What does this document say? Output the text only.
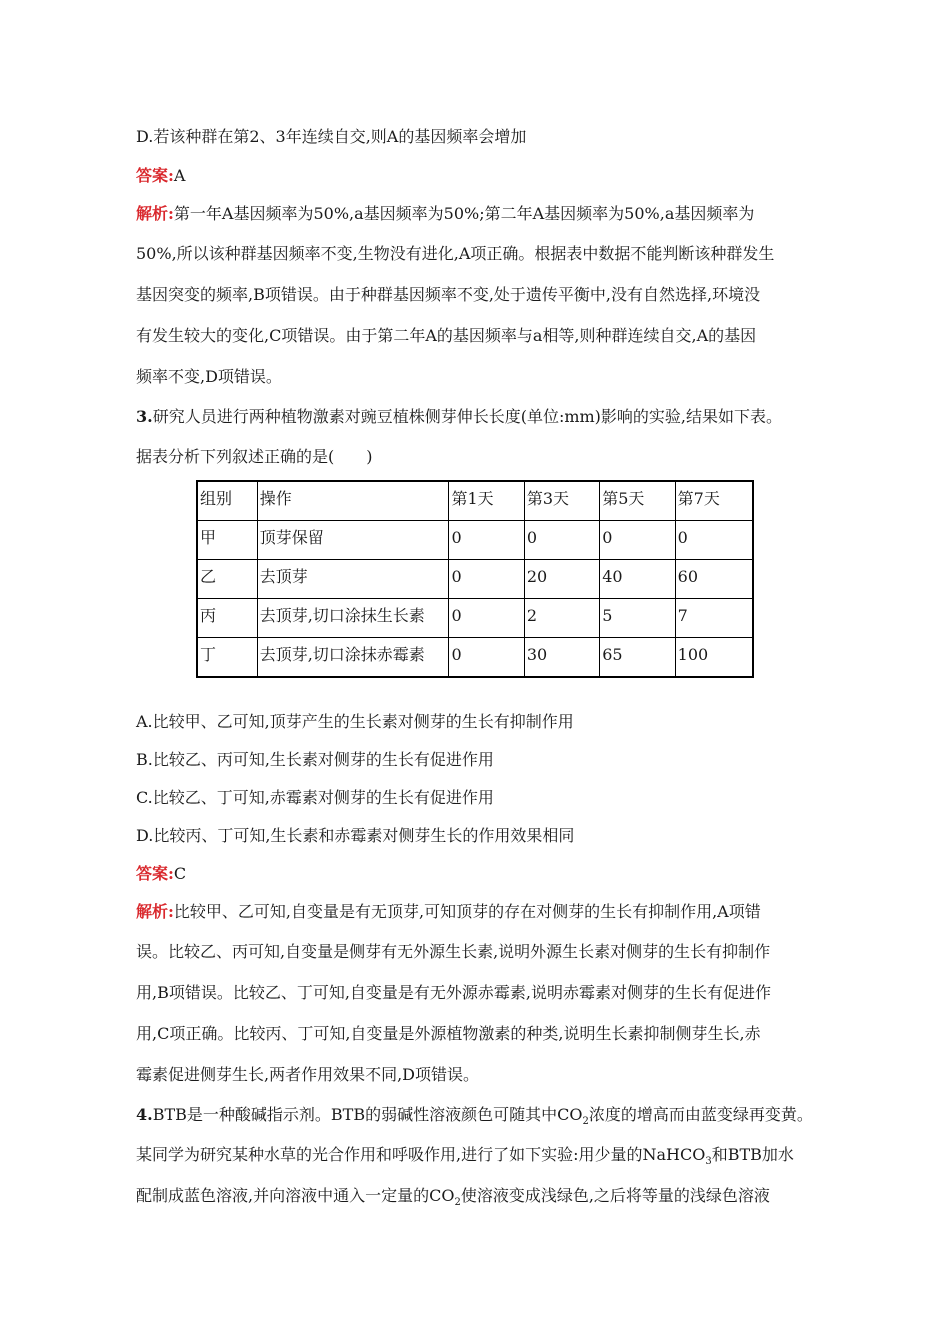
D.若该种群在第2、3年连续自交,则A的基因频率会增加
答案:A
解析:第一年A基因频率为50%,a基因频率为50%;第二年A基因频率为50%,a基因频率为
50%,所以该种群基因频率不变,生物没有进化,A项正确。根据表中数据不能判断该种群发生
基因突变的频率,B项错误。由于种群基因频率不变,处于遗传平衡中,没有自然选择,环境没
有发生较大的变化,C项错误。由于第二年A的基因频率与a相等,则种群连续自交,A的基因
频率不变,D项错误。
3.研究人员进行两种植物激素对豌豆植株侧芽伸长长度(单位:mm)影响的实验,结果如下表。
据表分析下列叙述正确的是(　　)
组别	操作	第1天	第3天	第5天	第7天
甲	顶芽保留	0	0	0	0
乙	去顶芽	0	20	40	60
丙	去顶芽,切口涂抹生长素	0	2	5	7
丁	去顶芽,切口涂抹赤霉素	0	30	65	100
A.比较甲、乙可知,顶芽产生的生长素对侧芽的生长有抑制作用
B.比较乙、丙可知,生长素对侧芽的生长有促进作用
C.比较乙、丁可知,赤霉素对侧芽的生长有促进作用
D.比较丙、丁可知,生长素和赤霉素对侧芽生长的作用效果相同
答案:C
解析:比较甲、乙可知,自变量是有无顶芽,可知顶芽的存在对侧芽的生长有抑制作用,A项错
误。比较乙、丙可知,自变量是侧芽有无外源生长素,说明外源生长素对侧芽的生长有抑制作
用,B项错误。比较乙、丁可知,自变量是有无外源赤霉素,说明赤霉素对侧芽的生长有促进作
用,C项正确。比较丙、丁可知,自变量是外源植物激素的种类,说明生长素抑制侧芽生长,赤
霉素促进侧芽生长,两者作用效果不同,D项错误。
4.BTB是一种酸碱指示剂。BTB的弱碱性溶液颜色可随其中$CO_2$浓度的增高而由蓝变绿再变黄。
某同学为研究某种水草的光合作用和呼吸作用,进行了如下实验:用少量的NaHCO$_3$和BTB加水
配制成蓝色溶液,并向溶液中通入一定量的$CO_2$使溶液变成浅绿色,之后将等量的浅绿色溶液
